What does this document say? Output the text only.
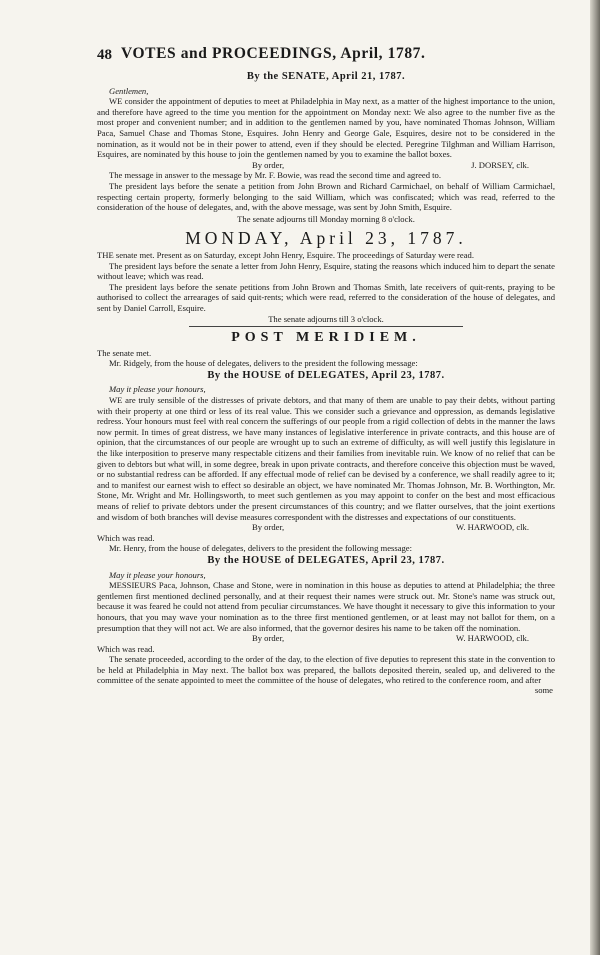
48 VOTES and PROCEEDINGS, April, 1787.
By the SENATE, April 21, 1787.

Gentlemen,

WE consider the appointment of deputies to meet at Philadelphia in May next, as a matter of the highest importance to the union, and therefore have agreed to the time you mention for the appointment on Monday next: We also agree to the number five as the most proper and convenient number; and in addition to the gentlemen named by you, have nominated Thomas Johnson, William Paca, Samuel Chase and Thomas Stone, Esquires. John Henry and George Gale, Esquires, desire not to be considered in the nomination, as it would not be in their power to attend, even if they should be elected. Peregrine Tilghman and William Harrison, Esquires, are nominated by this house to join the gentlemen named by you to examine the ballot boxes.

By order,	J. DORSEY, clk.

The message in answer to the message by Mr. F. Bowie, was read the second time and agreed to.

The president lays before the senate a petition from John Brown and Richard Carmichael, on behalf of William Carmichael, respecting certain property, formerly belonging to the said William, which was confiscated; which was read, referred to the consideration of the house of delegates, and, with the above message, was sent by John Smith, Esquire.

The senate adjourns till Monday morning 8 o'clock.

MONDAY, April 23, 1787.

THE senate met. Present as on Saturday, except John Henry, Esquire. The proceedings of Saturday were read.

The president lays before the senate a letter from John Henry, Esquire, stating the reasons which induced him to depart the senate without leave; which was read.

The president lays before the senate petitions from John Brown and Thomas Smith, late receivers of quit-rents, praying to be authorised to collect the arrearages of said quit-rents; which were read, referred to the consideration of the house of delegates, and sent by Daniel Carroll, Esquire.

The senate adjourns till 3 o'clock.

POST MERIDIEM.

The senate met.

Mr. Ridgely, from the house of delegates, delivers to the president the following message:

By the HOUSE of DELEGATES, April 23, 1787.

May it please your honours,

WE are truly sensible of the distresses of private debtors, and that many of them are unable to pay their debts, without parting with their property at one third or less of its real value. This we consider such a grievance and oppression, as demands legislative redress. Your honours must feel with real concern the sufferings of our people from a rigid collection of debts in the manner the laws now permit. In times of great distress, we have many instances of legislative interference in private contracts, and this house are of opinion, that the circumstances of our people are wrought up to such an extreme of difficulty, as will well justify this legislature in the like interposition to preserve many respectable citizens and their families from inevitable ruin. We know of no relief that can be given to debtors but what will, in some degree, break in upon private contracts, and therefore conceive this objection must be waved, or no substantial redress can be afforded. If any effectual mode of relief can be devised by a conference, we shall readily agree to it; and to manifest our earnest wish to effect so desirable an object, we have nominated Mr. Thomas Johnson, Mr. B. Worthington, Mr. Stone, Mr. Wright and Mr. Hollingsworth, to meet such gentlemen as you may appoint to confer on the best and most efficacious means of relief to private debtors under the present circumstances of this country; and we flatter ourselves, that the joint exertions and wisdom of both branches will devise measures correspondent with the distresses and expectations of our constituents.

By order,	W. HARWOOD, clk.

Which was read.

Mr. Henry, from the house of delegates, delivers to the president the following message:

By the HOUSE of DELEGATES, April 23, 1787.

May it please your honours,

MESSIEURS Paca, Johnson, Chase and Stone, were in nomination in this house as deputies to attend at Philadelphia; the three gentlemen first mentioned declined personally, and at their request their names were struck out. Mr. Stone's name was struck out, because it was feared he could not attend from peculiar circumstances. We have thought it necessary to give this information to your honours, that you may wave your nomination as to the three first mentioned gentlemen, or at least may not ballot for them, on a presumption that they will not act. We are also informed, that the governor desires his name to be taken off the nomination.

By order,	W. HARWOOD, clk.

Which was read.

The senate proceeded, according to the order of the day, to the election of five deputies to represent this state in the convention to be held at Philadelphia in May next. The ballot box was prepared, the ballots deposited therein, sealed up, and delivered to the committee of the senate appointed to meet the committee of the house of delegates, who retired to the conference room, and after

some
